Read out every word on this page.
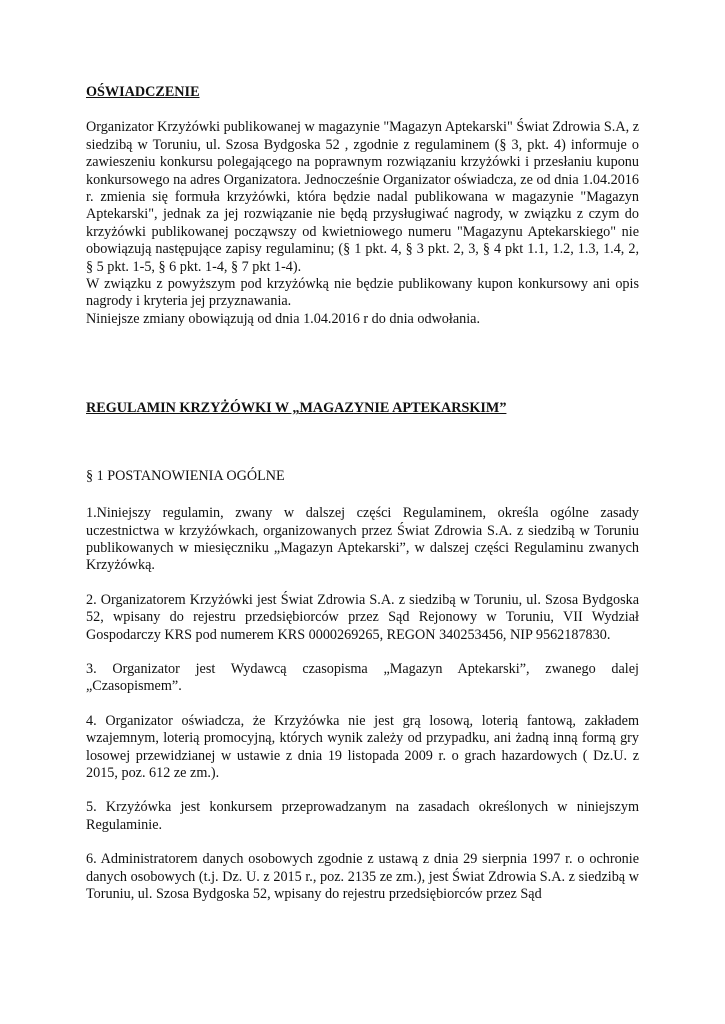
OŚWIADCZENIE

Organizator Krzyżówki publikowanej w magazynie "Magazyn Aptekarski" Świat Zdrowia S.A, z siedzibą w Toruniu, ul. Szosa Bydgoska 52 , zgodnie z regulaminem (§ 3, pkt. 4) informuje o zawieszeniu konkursu polegającego na poprawnym rozwiązaniu krzyżówki i przesłaniu kuponu konkursowego na adres Organizatora. Jednocześnie Organizator oświadcza, ze od dnia 1.04.2016 r. zmienia się formuła krzyżówki, która będzie nadal publikowana w magazynie "Magazyn Aptekarski", jednak za jej rozwiązanie nie będą przysługiwać nagrody, w związku z czym do krzyżówki publikowanej począwszy od kwietniowego numeru "Magazynu Aptekarskiego" nie obowiązują następujące zapisy regulaminu; (§ 1 pkt. 4, § 3 pkt. 2, 3, § 4 pkt 1.1, 1.2, 1.3, 1.4, 2, § 5 pkt. 1-5, § 6 pkt. 1-4, § 7 pkt 1-4).

W związku z powyższym pod krzyżówką nie będzie publikowany kupon konkursowy ani opis nagrody i kryteria jej przyznawania.

Niniejsze zmiany obowiązują od dnia 1.04.2016 r do dnia odwołania.

REGULAMIN KRZYŻÓWKI W „MAGAZYNIE APTEKARSKIM”

§ 1 POSTANOWIENIA OGÓLNE

1.Niniejszy regulamin, zwany w dalszej części Regulaminem, określa ogólne zasady uczestnictwa w krzyżówkach, organizowanych przez Świat Zdrowia S.A. z siedzibą w Toruniu publikowanych w miesięczniku „Magazyn Aptekarski”, w dalszej części Regulaminu zwanych Krzyżówką.

2. Organizatorem Krzyżówki jest Świat Zdrowia S.A. z siedzibą w Toruniu, ul. Szosa Bydgoska 52, wpisany do rejestru przedsiębiorców przez Sąd Rejonowy w Toruniu, VII Wydział Gospodarczy KRS pod numerem KRS 0000269265, REGON 340253456, NIP 9562187830.

3. Organizator jest Wydawcą czasopisma „Magazyn Aptekarski”, zwanego dalej „Czasopismem”.

4. Organizator oświadcza, że Krzyżówka nie jest grą losową, loterią fantową, zakładem wzajemnym, loterią promocyjną, których wynik zależy od przypadku, ani żadną inną formą gry losowej przewidzianej w ustawie z dnia 19 listopada 2009 r. o grach hazardowych ( Dz.U. z 2015, poz. 612 ze zm.).

5. Krzyżówka jest konkursem przeprowadzanym na zasadach określonych w niniejszym Regulaminie.

6. Administratorem danych osobowych zgodnie z ustawą z dnia 29 sierpnia 1997 r. o ochronie danych osobowych (t.j. Dz. U. z 2015 r., poz. 2135 ze zm.), jest Świat Zdrowia S.A. z siedzibą w Toruniu, ul. Szosa Bydgoska 52, wpisany do rejestru przedsiębiorców przez Sąd
